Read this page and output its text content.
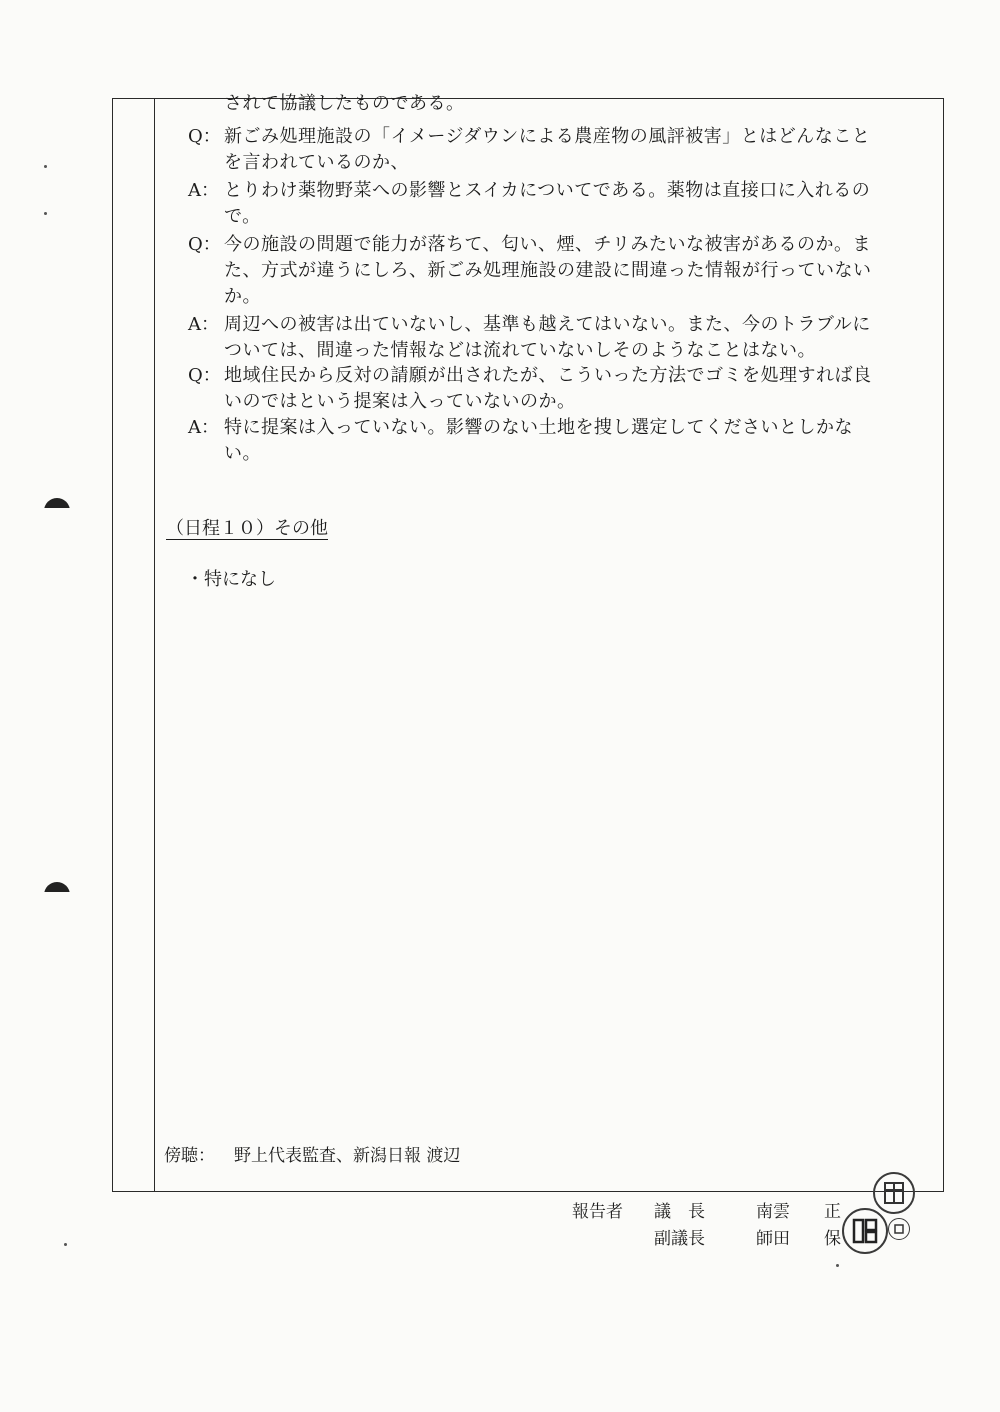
されて協議したものである。
Q： 新ごみ処理施設の「イメージダウンによる農産物の風評被害」とはどんなこと
を言われているのか、
A： とりわけ薬物野菜への影響とスイカについてである。薬物は直接口に入れるの
で。
Q： 今の施設の問題で能力が落ちて、匂い、煙、チリみたいな被害があるのか。ま
た、方式が違うにしろ、新ごみ処理施設の建設に間違った情報が行っていない
か。
A： 周辺への被害は出ていないし、基準も越えてはいない。また、今のトラブルに
ついては、間違った情報などは流れていないしそのようなことはない。
Q： 地域住民から反対の請願が出されたが、こういった方法でゴミを処理すれば良
いのではという提案は入っていないのか。
A： 特に提案は入っていない。影響のない土地を捜し選定してくださいとしかな
い。
（日程１０）その他
・特になし
傍聴： 野上代表監査、新潟日報 渡辺
報告者 議　長	南雲　　正
副議長	師田　　保
